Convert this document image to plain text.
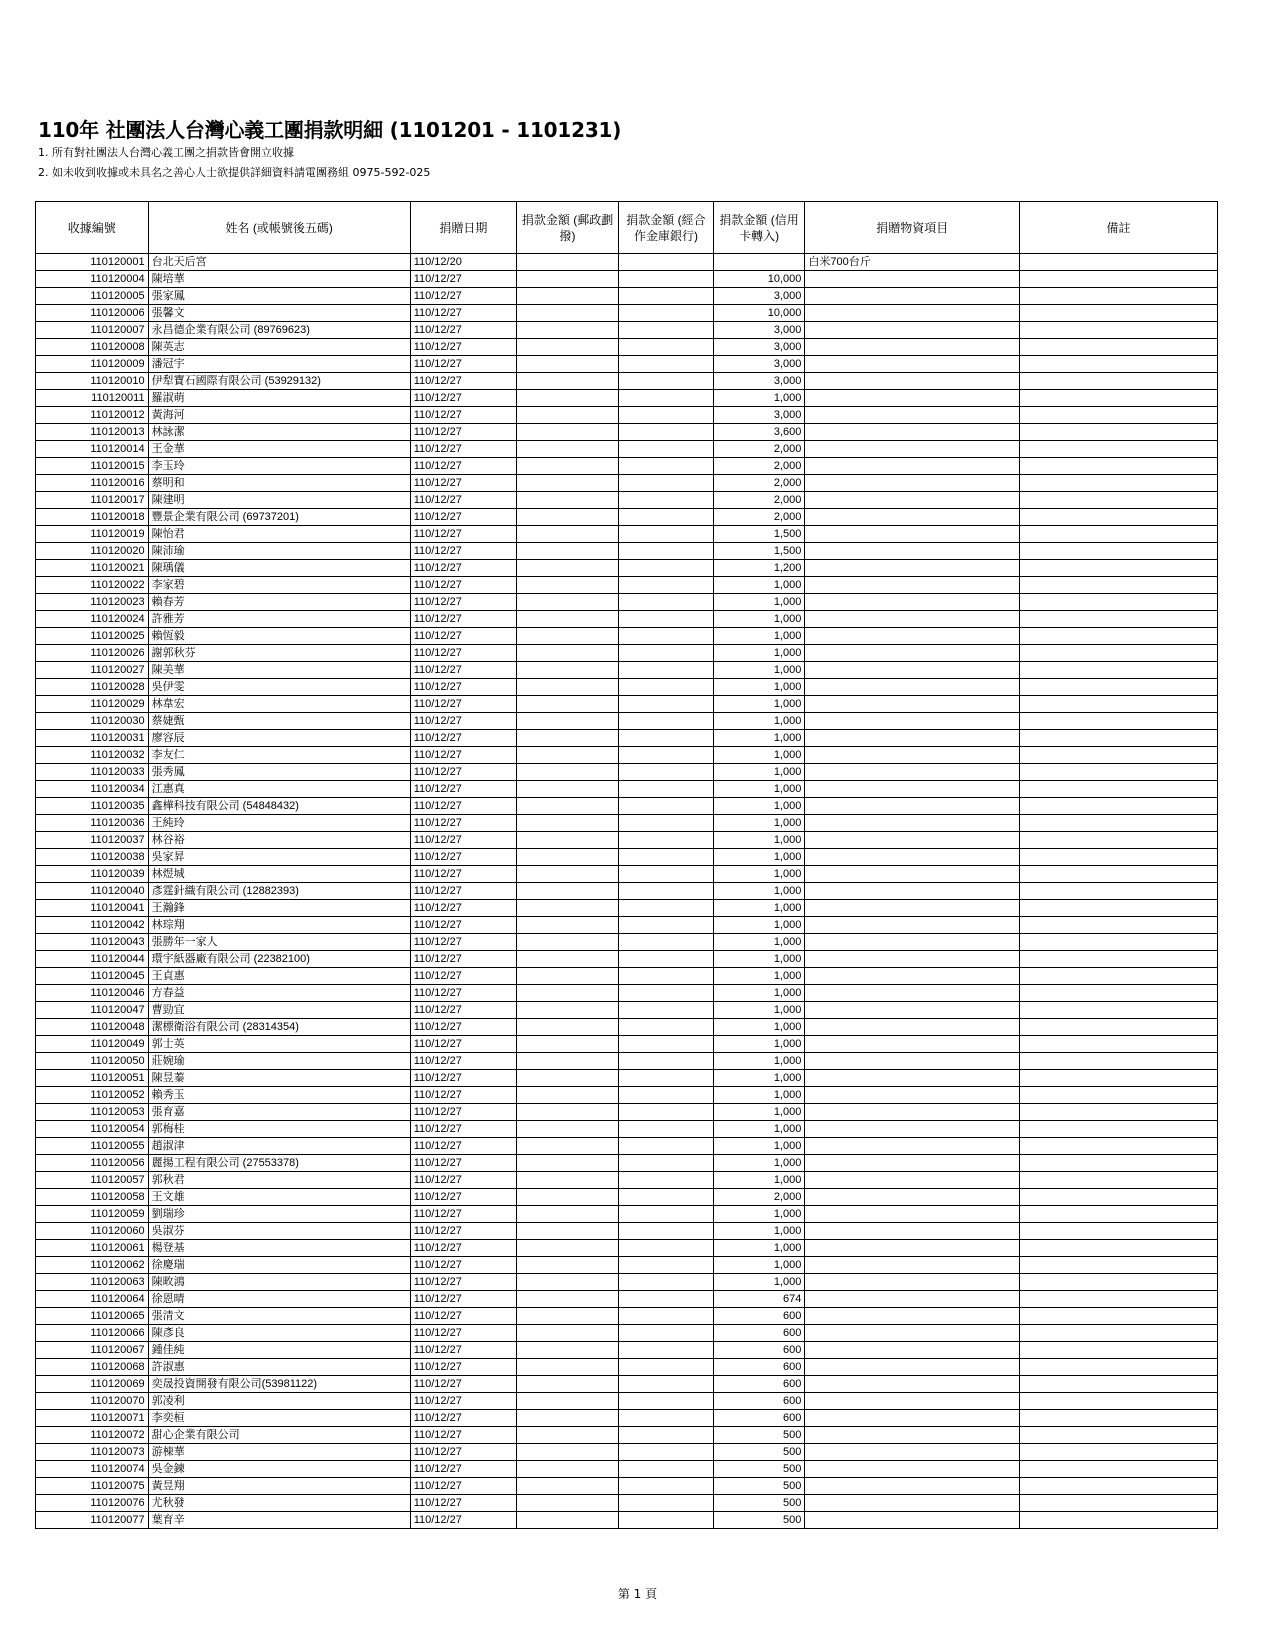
110年 社團法人台灣心義工團捐款明細 (1101201 - 1101231)
1. 所有對社團法人台灣心義工團之捐款皆會開立收據
2. 如未收到收據或未具名之善心人士欲提供詳細資料請電團務組 0975-592-025
收據編號	姓名 (或帳號後五碼)	捐贈日期	捐款金額 (郵政劃撥)	捐款金額 (經合作金庫銀行)	捐款金額 (信用卡轉入)	捐贈物資項目	備註
110120001	台北天后宮	110/12/20				白米700台斤	
110120004	陳培華	110/12/27			10,000		
110120005	張家鳳	110/12/27			3,000		
110120006	張馨文	110/12/27			10,000		
110120007	永昌德企業有限公司 (89769623)	110/12/27			3,000		
110120008	陳英志	110/12/27			3,000		
110120009	潘冠宇	110/12/27			3,000		
110120010	伊犁寶石國際有限公司 (53929132)	110/12/27			3,000		
110120011	羅淑萌	110/12/27			1,000		
110120012	黃海河	110/12/27			3,000		
110120013	林詠潔	110/12/27			3,600		
110120014	王金華	110/12/27			2,000		
110120015	李玉玲	110/12/27			2,000		
110120016	蔡明和	110/12/27			2,000		
110120017	陳建明	110/12/27			2,000		
110120018	豐景企業有限公司 (69737201)	110/12/27			2,000		
110120019	陳怡君	110/12/27			1,500		
110120020	陳沛瑜	110/12/27			1,500		
110120021	陳瑀儀	110/12/27			1,200		
110120022	李家碧	110/12/27			1,000		
110120023	賴春芳	110/12/27			1,000		
110120024	許雅芳	110/12/27			1,000		
110120025	賴恆毅	110/12/27			1,000		
110120026	謝郭秋芬	110/12/27			1,000		
110120027	陳美華	110/12/27			1,000		
110120028	吳伊雯	110/12/27			1,000		
110120029	林韋宏	110/12/27			1,000		
110120030	蔡婕甄	110/12/27			1,000		
110120031	廖容辰	110/12/27			1,000		
110120032	李友仁	110/12/27			1,000		
110120033	張秀鳳	110/12/27			1,000		
110120034	江惠真	110/12/27			1,000		
110120035	鑫樺科技有限公司 (54848432)	110/12/27			1,000		
110120036	王純玲	110/12/27			1,000		
110120037	林谷裕	110/12/27			1,000		
110120038	吳家昇	110/12/27			1,000		
110120039	林煜城	110/12/27			1,000		
110120040	彥霆針織有限公司 (12882393)	110/12/27			1,000		
110120041	王瀚鋒	110/12/27			1,000		
110120042	林琮翔	110/12/27			1,000		
110120043	張勝年一家人	110/12/27			1,000		
110120044	環宇紙器廠有限公司 (22382100)	110/12/27			1,000		
110120045	王貞惠	110/12/27			1,000		
110120046	方春益	110/12/27			1,000		
110120047	曹勁宜	110/12/27			1,000		
110120048	潔標衛浴有限公司 (28314354)	110/12/27			1,000		
110120049	郭士英	110/12/27			1,000		
110120050	莊婉瑜	110/12/27			1,000		
110120051	陳昱蓁	110/12/27			1,000		
110120052	賴秀玉	110/12/27			1,000		
110120053	張育嘉	110/12/27			1,000		
110120054	郭梅桂	110/12/27			1,000		
110120055	趙淑津	110/12/27			1,000		
110120056	麗揚工程有限公司 (27553378)	110/12/27			1,000		
110120057	郭秋君	110/12/27			1,000		
110120058	王文雄	110/12/27			2,000		
110120059	劉瑞珍	110/12/27			1,000		
110120060	吳淑芬	110/12/27			1,000		
110120061	楊登基	110/12/27			1,000		
110120062	徐慶瑞	110/12/27			1,000		
110120063	陳畋鴻	110/12/27			1,000		
110120064	徐恩晴	110/12/27			674		
110120065	張清文	110/12/27			600		
110120066	陳彥良	110/12/27			600		
110120067	鍾佳純	110/12/27			600		
110120068	許淑惠	110/12/27			600		
110120069	奕晟投資開發有限公司(53981122)	110/12/27			600		
110120070	郭凌利	110/12/27			600		
110120071	李奕桓	110/12/27			600		
110120072	甜心企業有限公司	110/12/27			500		
110120073	游棟華	110/12/27			500		
110120074	吳金鍊	110/12/27			500		
110120075	黃昱翔	110/12/27			500		
110120076	尤秋發	110/12/27			500		
110120077	葉育辛	110/12/27			500		
第 1 頁
